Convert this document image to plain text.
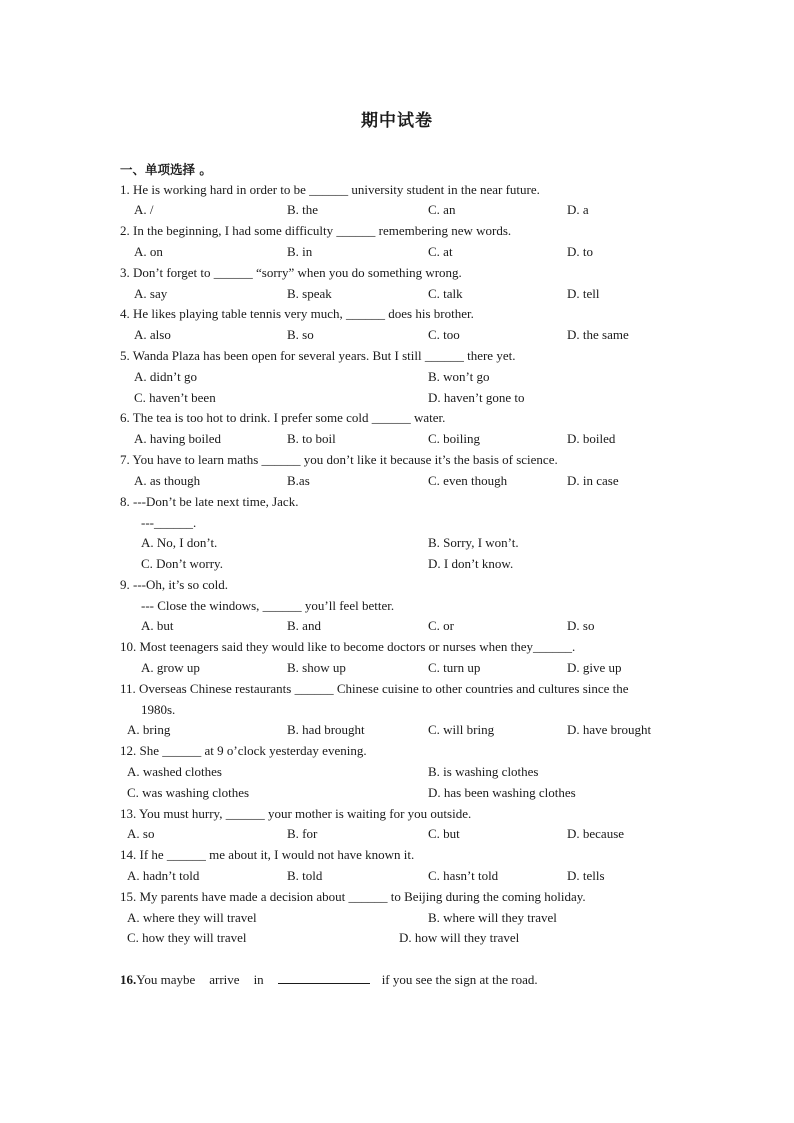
期中试卷
一、单项选择 。
1. He is working hard in order to be ______ university student in the near future.
A. /	B. the	C. an	D. a
2. In the beginning, I had some difficulty ______ remembering new words.
A. on	B. in	C. at	D. to
3. Don’t forget to ______ “sorry” when you do something wrong.
A. say	B. speak	C. talk	D. tell
4. He likes playing table tennis very much, ______ does his brother.
A. also	B. so	C. too	D. the same
5. Wanda Plaza has been open for several years. But I still ______ there yet.
A. didn’t go	B. won’t go
C. haven’t been	D. haven’t gone to
6. The tea is too hot to drink. I prefer some cold ______ water.
A. having boiled	B. to boil	C. boiling	D. boiled
7. You have to learn maths ______ you don’t like it because it’s the basis of science.
A. as though	B.as	C. even though	D. in case
8. ---Don’t be late next time, Jack.
---______.
A. No, I don’t.	B. Sorry, I won’t.
C. Don’t worry.	D. I don’t know.
9. ---Oh, it’s so cold.
--- Close the windows, ______ you’ll feel better.
A. but	B. and	C. or	D. so
10. Most teenagers said they would like to become doctors or nurses when they______.
A. grow up	B. show up	C. turn up	D. give up
11. Overseas Chinese restaurants ______ Chinese cuisine to other countries and cultures since the
1980s.
A. bring	B. had brought	C. will bring	D. have brought
12. She ______ at 9 o’clock yesterday evening.
A. washed clothes	B. is washing clothes
C. was washing clothes	D. has been washing clothes
13. You must hurry, ______ your mother is waiting for you outside.
A. so	B. for	C. but	D. because
14. If he ______ me about it, I would not have known it.
A. hadn’t told	B. told	C. hasn’t told	D. tells
15. My parents have made a decision about ______ to Beijing during the coming holiday.
A. where they will travel	B. where will they travel
C. how they will travel	D. how will they travel
16.You maybe arrive in	if you see the sign at the road.
